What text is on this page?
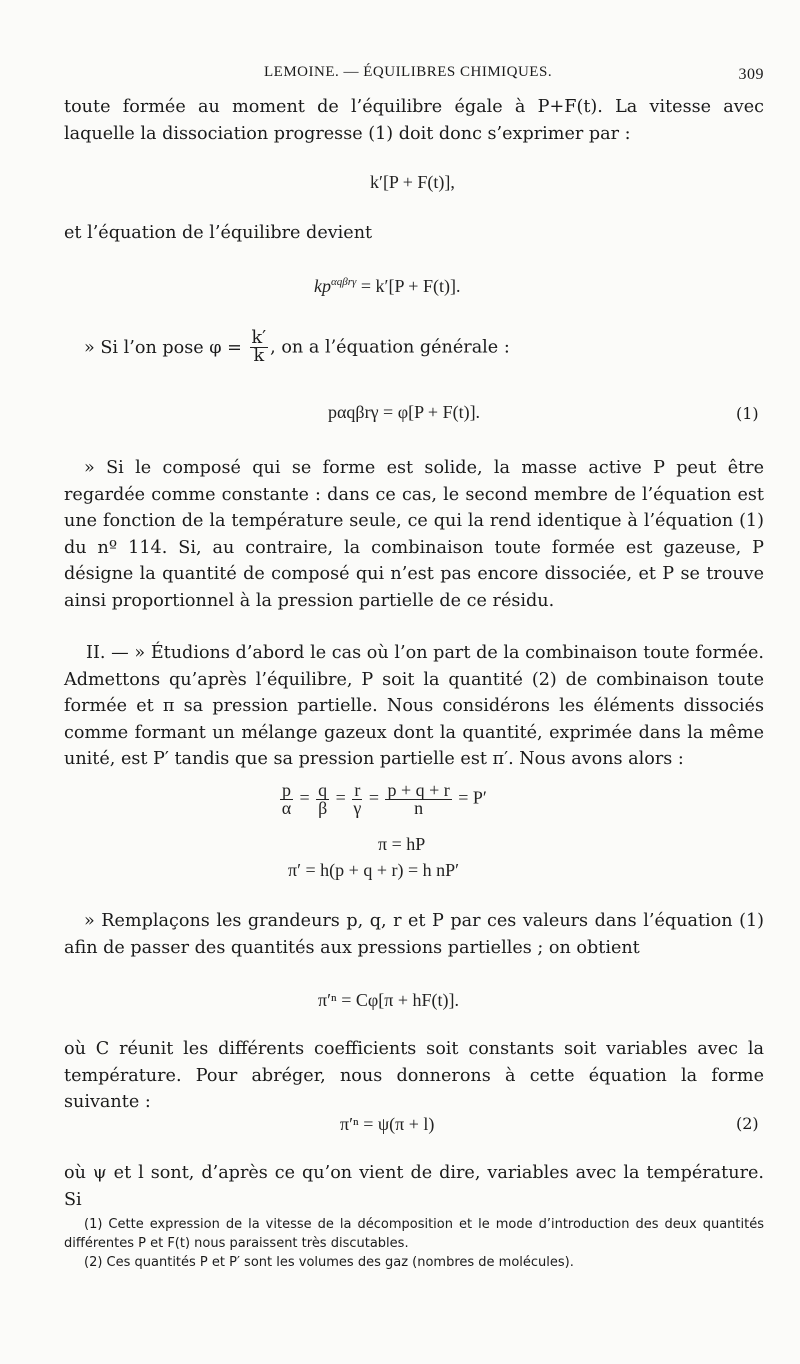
LEMOINE. — ÉQUILIBRES CHIMIQUES.	309

toute formée au moment de l’équilibre égale à P+F(t). La vitesse avec laquelle la dissociation progresse (1) doit donc s’exprimer par :

k′[P + F(t)],

et l’équation de l’équilibre devient

$kp^{\alpha q\beta r\gamma} = k'[P + F(t)]$.
» Si l’on pose $\varphi = \frac{k'}{k}$ , on a l’équation générale :
pαqβrγ = φ[P + F(t)].	(1)

» Si le composé qui se forme est solide, la masse active P peut être regardée comme constante : dans ce cas, le second membre de l’équation est une fonction de la température seule, ce qui la rend identique à l’équation (1) du nº 114. Si, au contraire, la combinaison toute formée est gazeuse, P désigne la quantité de composé qui n’est pas encore dissociée, et P se trouve ainsi proportionnel à la pression partielle de ce résidu.

II. — » Étudions d’abord le cas où l’on part de la combinaison toute formée. Admettons qu’après l’équilibre, P soit la quantité (2) de combinaison toute formée et π sa pression partielle. Nous considérons les éléments dissociés comme formant un mélange gazeux dont la quantité, exprimée dans la même unité, est P′ tandis que sa pression partielle est π′. Nous avons alors :

$\frac{p}{\alpha} = \frac{q}{\beta} = \frac{r}{\gamma} = \frac{p + q + r}{n} = P'$
π = hP
π′ = h(p + q + r) = h nP′

» Remplaçons les grandeurs p, q, r et P par ces valeurs dans l’équation (1) afin de passer des quantités aux pressions partielles ; on obtient

π′ⁿ = Cφ[π + hF(t)].

où C réunit les différents coefficients soit constants soit variables avec la température. Pour abréger, nous donnerons à cette équation la forme suivante :

π′ⁿ = ψ(π + l)	(2)

où ψ et l sont, d’après ce qu’on vient de dire, variables avec la température. Si

(1) Cette expression de la vitesse de la décomposition et le mode d’introduction des deux quantités différentes P et F(t) nous paraissent très discutables.

(2) Ces quantités P et P′ sont les volumes des gaz (nombres de molécules).
